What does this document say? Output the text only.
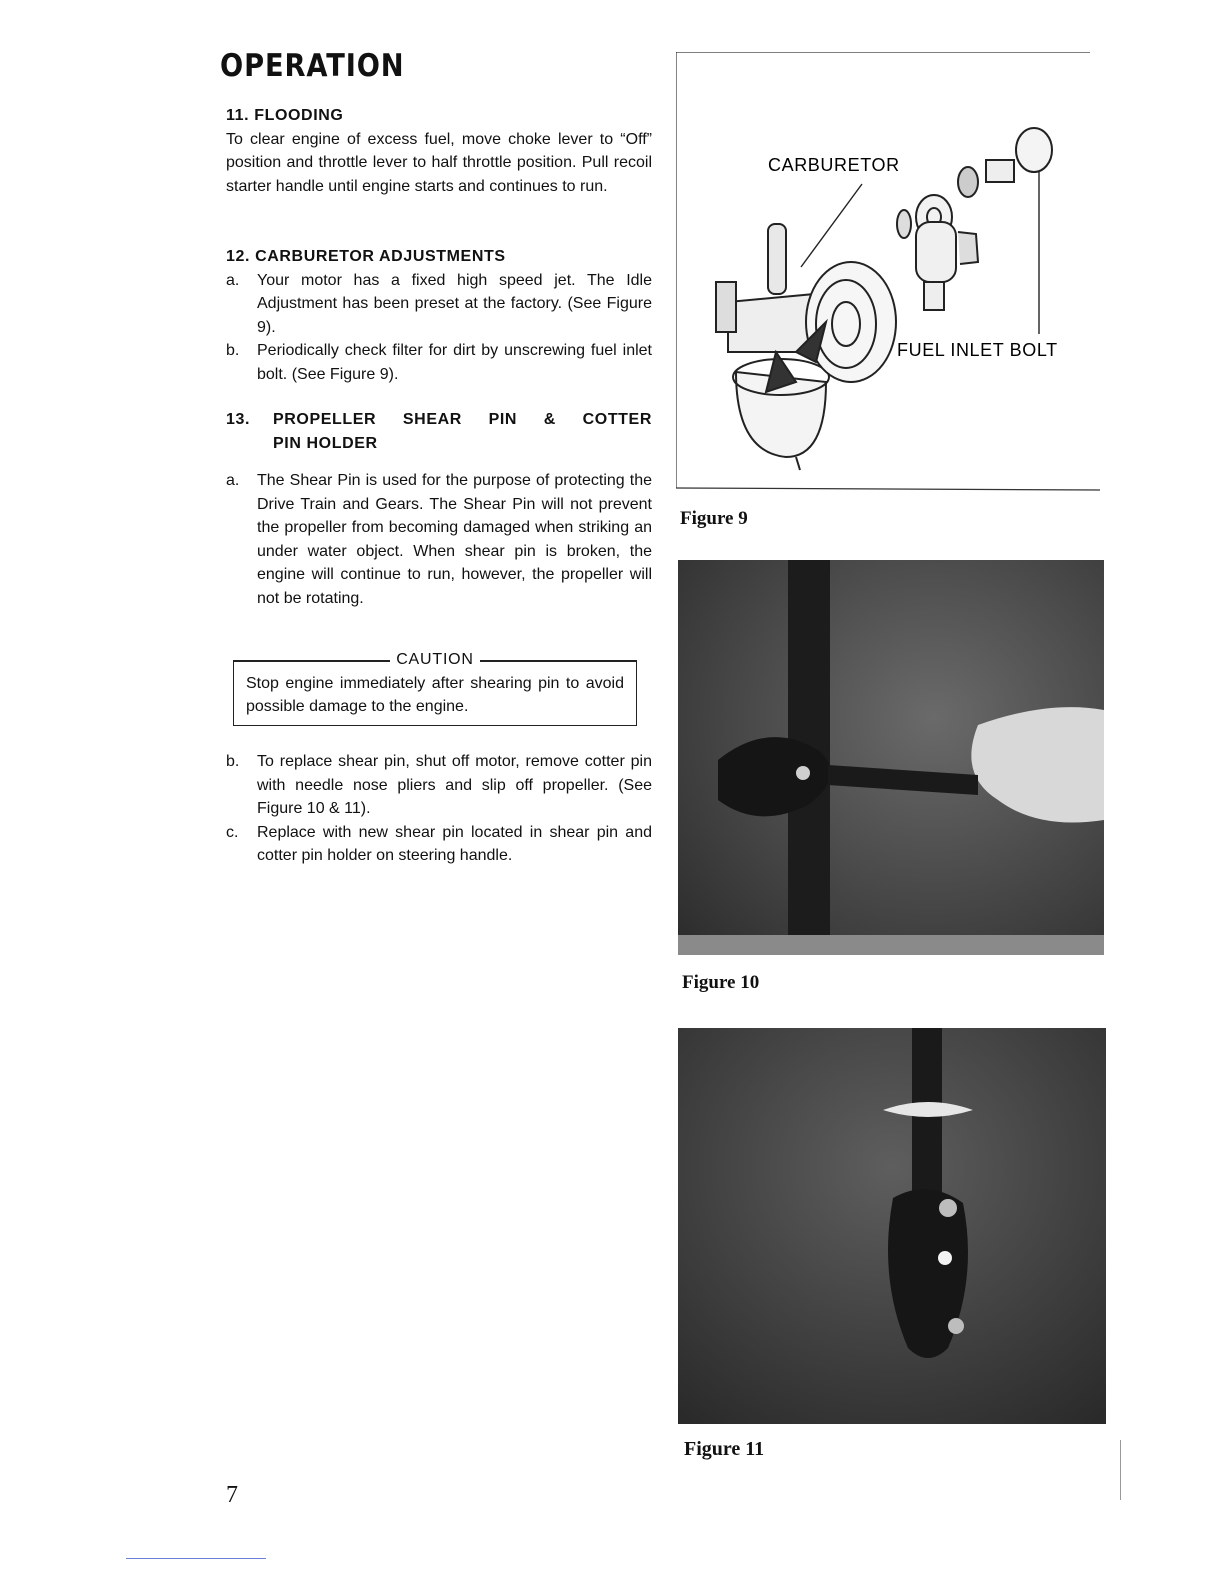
OPERATION
11. FLOODING
To clear engine of excess fuel, move choke lever to “Off” position and throttle lever to half throttle position. Pull recoil starter handle until engine starts and continues to run.
12. CARBURETOR ADJUSTMENTS
a. Your motor has a fixed high speed jet. The Idle Adjustment has been preset at the factory. (See Figure 9).
b. Periodically check filter for dirt by unscrewing fuel inlet bolt. (See Figure 9).
13. PROPELLER SHEAR PIN & COTTER
PIN HOLDER
a. The Shear Pin is used for the purpose of protecting the Drive Train and Gears. The Shear Pin will not prevent the propeller from becoming damaged when striking an under water object. When shear pin is broken, the engine will continue to run, however, the propeller will not be rotating.
CAUTION
Stop engine immediately after shearing pin to avoid possible damage to the engine.
b. To replace shear pin, shut off motor, remove cotter pin with needle nose pliers and slip off propeller. (See Figure 10 & 11).
c. Replace with new shear pin located in shear pin and cotter pin holder on steering handle.
CARBURETOR
FUEL INLET BOLT
Figure 9
Figure 10
Figure 11
7
